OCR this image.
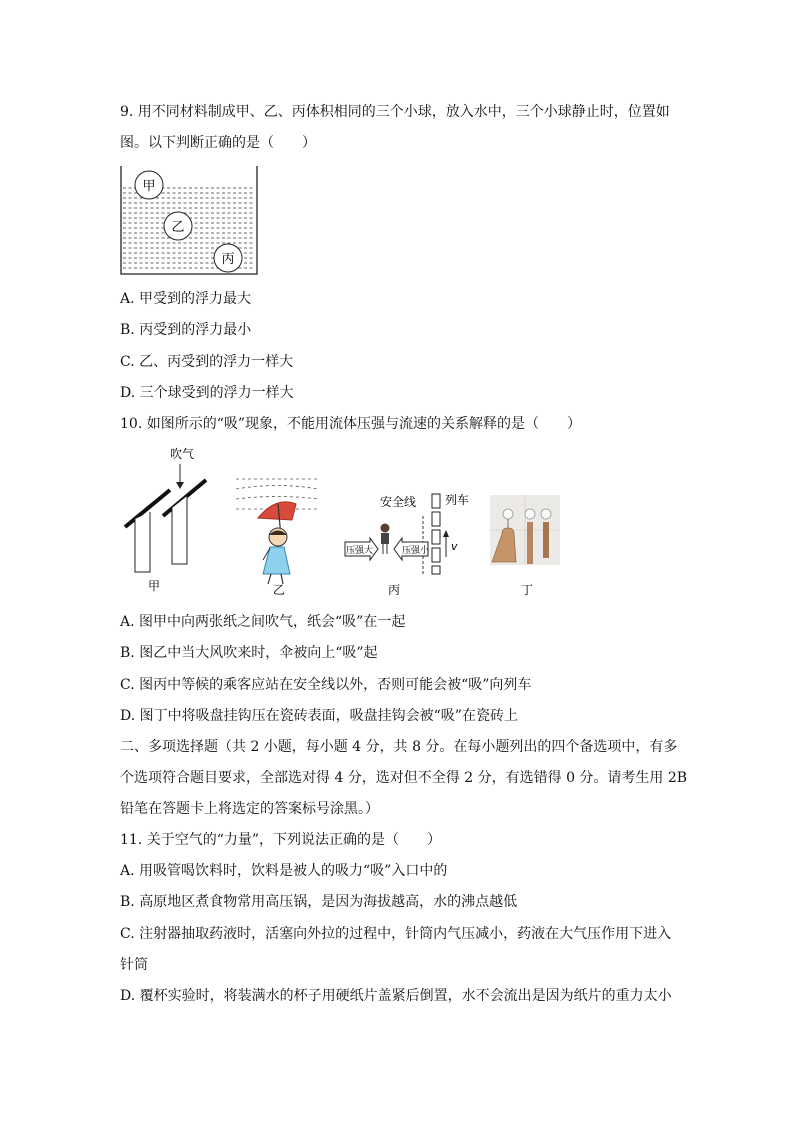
9. 用不同材料制成甲、乙、丙体积相同的三个小球，放入水中，三个小球静止时，位置如
图。以下判断正确的是（　　）
甲
乙
丙
A. 甲受到的浮力最大
B. 丙受到的浮力最小
C. 乙、丙受到的浮力一样大
D. 三个球受到的浮力一样大
10. 如图所示的“吸”现象，不能用流体压强与流速的关系解释的是（　　）
吹气
甲	乙
安全线
压强大	压强小
列车
v
丙	丁
A. 图甲中向两张纸之间吹气，纸会“吸”在一起
B. 图乙中当大风吹来时，伞被向上“吸”起
C. 图丙中等候的乘客应站在安全线以外，否则可能会被“吸”向列车
D. 图丁中将吸盘挂钩压在瓷砖表面，吸盘挂钩会被“吸”在瓷砖上
二、多项选择题（共 2 小题，每小题 4 分，共 8 分。在每小题列出的四个备选项中，有多
个选项符合题目要求，全部选对得 4 分，选对但不全得 2 分，有选错得 0 分。请考生用 2B
铅笔在答题卡上将选定的答案标号涂黑。）
11. 关于空气的“力量”，下列说法正确的是（　　）
A. 用吸管喝饮料时，饮料是被人的吸力“吸”入口中的
B. 高原地区煮食物常用高压锅，是因为海拔越高，水的沸点越低
C. 注射器抽取药液时，活塞向外拉的过程中，针筒内气压减小，药液在大气压作用下进入
针筒
D. 覆杯实验时，将装满水的杯子用硬纸片盖紧后倒置，水不会流出是因为纸片的重力太小
